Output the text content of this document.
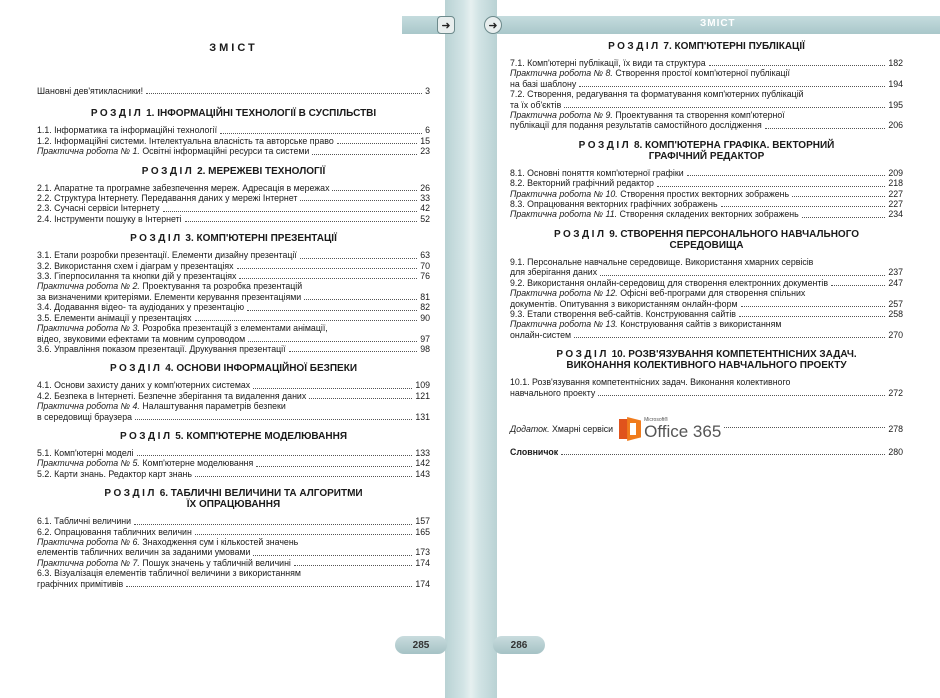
ЗМІСТ
➜	➜
ЗМІСТ
Шановні дев'ятикласники!	3
РОЗДІЛ 1. ІНФОРМАЦІЙНІ ТЕХНОЛОГІЇ В СУСПІЛЬСТВІ
1.1. Інформатика та інформаційні технології	6
1.2. Інформаційні системи. Інтелектуальна власність та авторське право	15
Практична робота № 1. Освітні інформаційні ресурси та системи	23
РОЗДІЛ 2. МЕРЕЖЕВІ ТЕХНОЛОГІЇ
2.1. Апаратне та програмне забезпечення мереж. Адресація в мережах	26
2.2. Структура Інтернету. Передавання даних у мережі Інтернет	33
2.3. Сучасні сервіси Інтернету	42
2.4. Інструменти пошуку в Інтернеті	52
РОЗДІЛ 3. КОМП'ЮТЕРНІ ПРЕЗЕНТАЦІЇ
3.1. Етапи розробки презентації. Елементи дизайну презентації	63
3.2. Використання схем і діаграм у презентаціях	70
3.3. Гіперпосилання та кнопки дій у презентаціях	76
Практична робота № 2. Проектування та розробка презентацій
за визначеними критеріями. Елементи керування презентаціями	81
3.4. Додавання відео- та аудіоданих у презентацію	82
3.5. Елементи анімації у презентаціях	90
Практична робота № 3. Розробка презентацій з елементами анімації,
відео, звуковими ефектами та мовним супроводом	97
3.6. Управління показом презентації. Друкування презентації	98
РОЗДІЛ 4. ОСНОВИ ІНФОРМАЦІЙНОЇ БЕЗПЕКИ
4.1. Основи захисту даних у комп'ютерних системах	109
4.2. Безпека в Інтернеті. Безпечне зберігання та видалення даних	121
Практична робота № 4. Налаштування параметрів безпеки
в середовищі браузера	131
РОЗДІЛ 5. КОМП'ЮТЕРНЕ МОДЕЛЮВАННЯ
5.1. Комп'ютерні моделі	133
Практична робота № 5. Комп'ютерне моделювання	142
5.2. Карти знань. Редактор карт знань	143
РОЗДІЛ 6. ТАБЛИЧНІ ВЕЛИЧИНИ ТА АЛГОРИТМИ
ЇХ ОПРАЦЮВАННЯ
6.1. Табличні величини	157
6.2. Опрацювання табличних величин	165
Практична робота № 6. Знаходження сум і кількостей значень
елементів табличних величин за заданими умовами	173
Практична робота № 7. Пошук значень у табличній величині	174
6.3. Візуалізація елементів табличної величини з використанням
графічних примітивів	174
РОЗДІЛ 7. КОМП'ЮТЕРНІ ПУБЛІКАЦІЇ
7.1. Комп'ютерні публікації, їх види та структура	182
Практична робота № 8. Створення простої комп'ютерної публікації
на базі шаблону	194
7.2. Створення, редагування та форматування комп'ютерних публікацій
та їх об'єктів	195
Практична робота № 9. Проектування та створення комп'ютерної
публікації для подання результатів самостійного дослідження	206
РОЗДІЛ 8. КОМП'ЮТЕРНА ГРАФІКА. ВЕКТОРНИЙ
ГРАФІЧНИЙ РЕДАКТОР
8.1. Основні поняття комп'ютерної графіки	209
8.2. Векторний графічний редактор	218
Практична робота № 10. Створення простих векторних зображень	227
8.3. Опрацювання векторних графічних зображень	227
Практична робота № 11. Створення складених векторних зображень	234
РОЗДІЛ 9. СТВОРЕННЯ ПЕРСОНАЛЬНОГО НАВЧАЛЬНОГО
СЕРЕДОВИЩА
9.1. Персональне навчальне середовище. Використання хмарних сервісів
для зберігання даних	237
9.2. Використання онлайн-середовищ для створення електронних документів	247
Практична робота № 12. Офісні веб-програми для створення спільних
документів. Опитування з використанням онлайн-форм	257
9.3. Етапи створення веб-сайтів. Конструювання сайтів	258
Практична робота № 13. Конструювання сайтів з використанням
онлайн-систем	270
РОЗДІЛ 10. РОЗВ'ЯЗУВАННЯ КОМПЕТЕНТНІСНИХ ЗАДАЧ.
ВИКОНАННЯ КОЛЕКТИВНОГО НАВЧАЛЬНОГО ПРОЕКТУ
10.1. Розв'язування компетентнісних задач. Виконання колективного
навчального проекту	272
Додаток. Хмарні сервіси
Microsoft®
Office 365	278
Словничок	280
285	286
